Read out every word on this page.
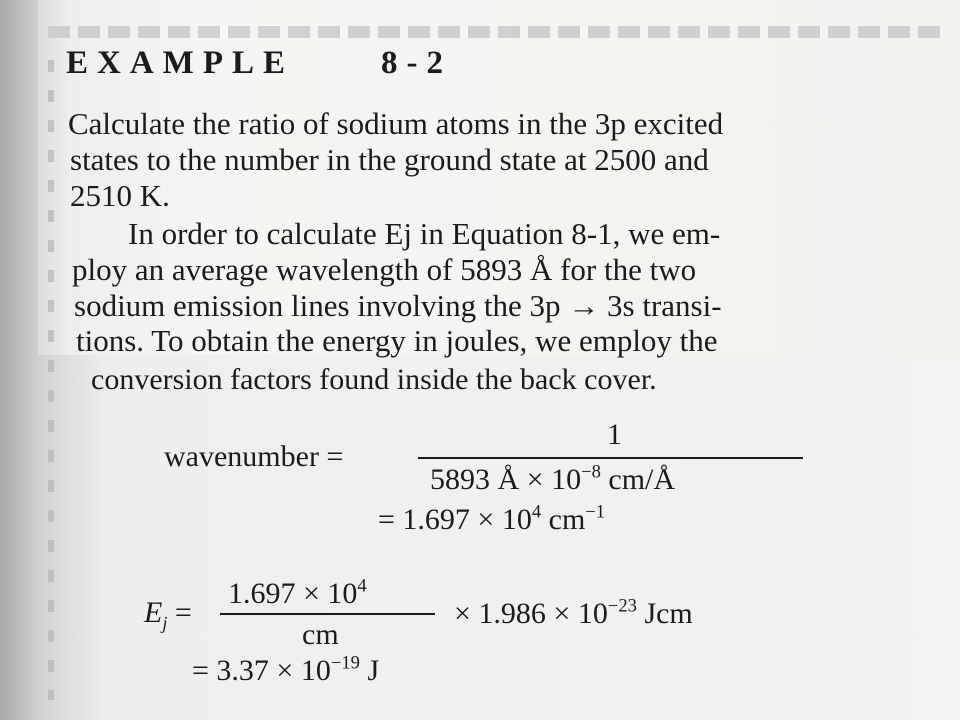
EXAMPLE	8-2
Calculate the ratio of sodium atoms in the 3p excited
states to the number in the ground state at 2500 and
2510 K.
In order to calculate Ej in Equation 8-1, we em-
ploy an average wavelength of 5893 Å for the two
sodium emission lines involving the 3p → 3s transi-
tions. To obtain the energy in joules, we employ the
conversion factors found inside the back cover.
wavenumber =
1
5893 Å × $10^{-8}$ cm/Å
= $1.697 \times 10^4$ $cm^{-1}$
$E_j$ =
$1.697 \times 10^4$
cm
× $1.986 \times 10^{-23}$ Jcm
= $3.37 \times 10^{-19}$ J
